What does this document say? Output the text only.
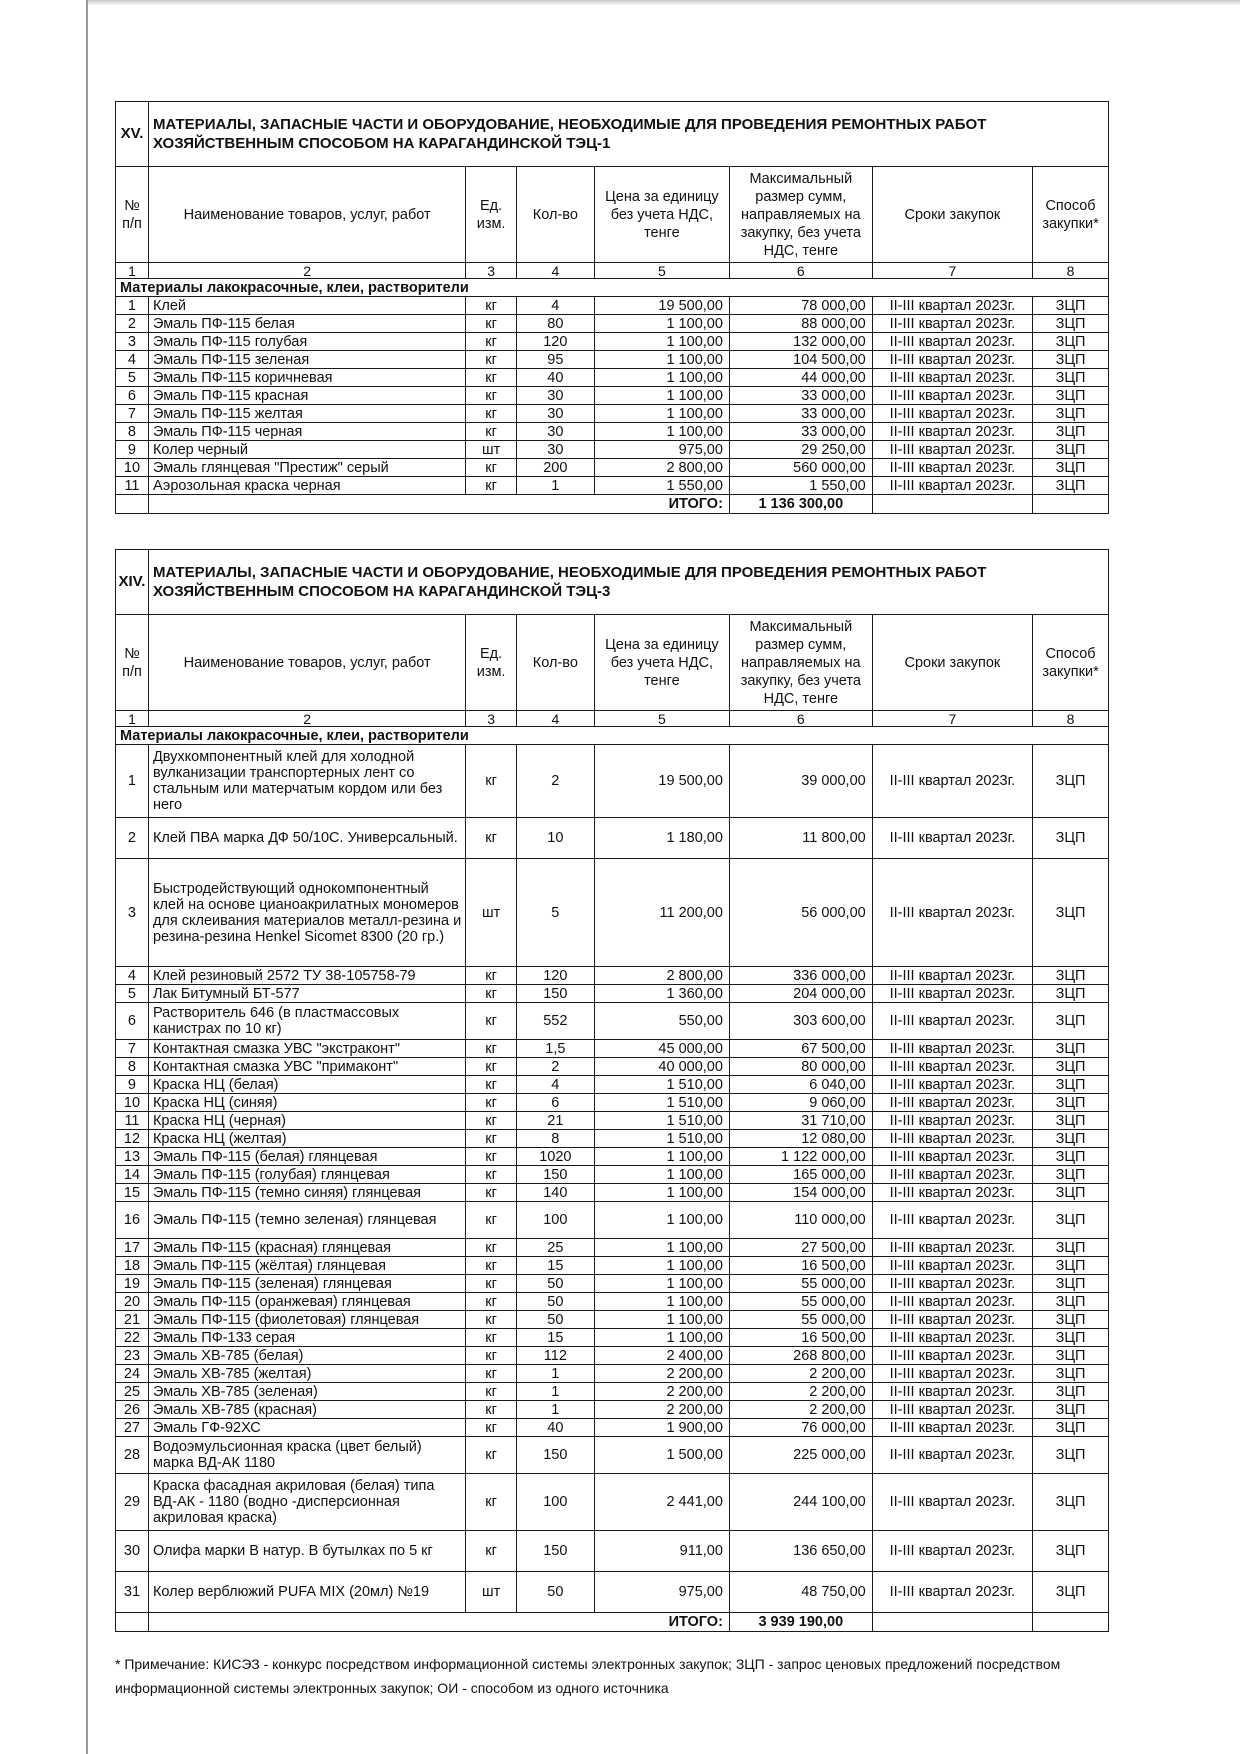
XV.	МАТЕРИАЛЫ, ЗАПАСНЫЕ ЧАСТИ И ОБОРУДОВАНИЕ, НЕОБХОДИМЫЕ ДЛЯ ПРОВЕДЕНИЯ РЕМОНТНЫХ РАБОТ ХОЗЯЙСТВЕННЫМ СПОСОБОМ НА КАРАГАНДИНСКОЙ ТЭЦ-1						
№ п/п	Наименование товаров, услуг, работ	Ед. изм.	Кол-во	Цена за единицу без учета НДС, тенге	Максимальный размер сумм, направляемых на закупку, без учета НДС, тенге	Сроки закупок	Способ закупки*
1	2	3	4	5	6	7	8
Материалы лакокрасочные, клеи, растворители							
1	Клей	кг	4	19 500,00	78 000,00	II-III квартал 2023г.	ЗЦП
2	Эмаль ПФ-115 белая	кг	80	1 100,00	88 000,00	II-III квартал 2023г.	ЗЦП
3	Эмаль ПФ-115 голубая	кг	120	1 100,00	132 000,00	II-III квартал 2023г.	ЗЦП
4	Эмаль ПФ-115 зеленая	кг	95	1 100,00	104 500,00	II-III квартал 2023г.	ЗЦП
5	Эмаль ПФ-115 коричневая	кг	40	1 100,00	44 000,00	II-III квартал 2023г.	ЗЦП
6	Эмаль ПФ-115 красная	кг	30	1 100,00	33 000,00	II-III квартал 2023г.	ЗЦП
7	Эмаль ПФ-115 желтая	кг	30	1 100,00	33 000,00	II-III квартал 2023г.	ЗЦП
8	Эмаль ПФ-115 черная	кг	30	1 100,00	33 000,00	II-III квартал 2023г.	ЗЦП
9	Колер черный	шт	30	975,00	29 250,00	II-III квартал 2023г.	ЗЦП
10	Эмаль глянцевая "Престиж" серый	кг	200	2 800,00	560 000,00	II-III квартал 2023г.	ЗЦП
11	Аэрозольная краска черная	кг	1	1 550,00	1 550,00	II-III квартал 2023г.	ЗЦП
	ИТОГО:				1 136 300,00		
XIV.	МАТЕРИАЛЫ, ЗАПАСНЫЕ ЧАСТИ И ОБОРУДОВАНИЕ, НЕОБХОДИМЫЕ ДЛЯ ПРОВЕДЕНИЯ РЕМОНТНЫХ РАБОТ ХОЗЯЙСТВЕННЫМ СПОСОБОМ НА КАРАГАНДИНСКОЙ ТЭЦ-3						
№ п/п	Наименование товаров, услуг, работ	Ед. изм.	Кол-во	Цена за единицу без учета НДС, тенге	Максимальный размер сумм, направляемых на закупку, без учета НДС, тенге	Сроки закупок	Способ закупки*
1	2	3	4	5	6	7	8
Материалы лакокрасочные, клеи, растворители							
1	Двухкомпонентный клей для холодной вулканизации транспортерных лент со стальным или матерчатым кордом или без него	кг	2	19 500,00	39 000,00	II-III квартал 2023г.	ЗЦП
2	Клей ПВА марка ДФ 50/10С. Универсальный.	кг	10	1 180,00	11 800,00	II-III квартал 2023г.	ЗЦП
3	Быстродействующий однокомпонентный клей на основе цианоакрилатных мономеров для склеивания материалов металл-резина и резина-резина Henkel Sicomet 8300 (20 гр.)	шт	5	11 200,00	56 000,00	II-III квартал 2023г.	ЗЦП
4	Клей резиновый 2572 ТУ 38-105758-79	кг	120	2 800,00	336 000,00	II-III квартал 2023г.	ЗЦП
5	Лак Битумный БТ-577	кг	150	1 360,00	204 000,00	II-III квартал 2023г.	ЗЦП
6	Растворитель 646 (в пластмассовых канистрах по 10 кг)	кг	552	550,00	303 600,00	II-III квартал 2023г.	ЗЦП
7	Контактная смазка УВС "экстраконт"	кг	1,5	45 000,00	67 500,00	II-III квартал 2023г.	ЗЦП
8	Контактная смазка УВС "примаконт"	кг	2	40 000,00	80 000,00	II-III квартал 2023г.	ЗЦП
9	Краска НЦ (белая)	кг	4	1 510,00	6 040,00	II-III квартал 2023г.	ЗЦП
10	Краска НЦ (синяя)	кг	6	1 510,00	9 060,00	II-III квартал 2023г.	ЗЦП
11	Краска НЦ (черная)	кг	21	1 510,00	31 710,00	II-III квартал 2023г.	ЗЦП
12	Краска НЦ (желтая)	кг	8	1 510,00	12 080,00	II-III квартал 2023г.	ЗЦП
13	Эмаль ПФ-115 (белая) глянцевая	кг	1020	1 100,00	1 122 000,00	II-III квартал 2023г.	ЗЦП
14	Эмаль ПФ-115 (голубая) глянцевая	кг	150	1 100,00	165 000,00	II-III квартал 2023г.	ЗЦП
15	Эмаль ПФ-115 (темно синяя) глянцевая	кг	140	1 100,00	154 000,00	II-III квартал 2023г.	ЗЦП
16	Эмаль ПФ-115 (темно зеленая) глянцевая	кг	100	1 100,00	110 000,00	II-III квартал 2023г.	ЗЦП
17	Эмаль ПФ-115 (красная) глянцевая	кг	25	1 100,00	27 500,00	II-III квартал 2023г.	ЗЦП
18	Эмаль ПФ-115 (жёлтая) глянцевая	кг	15	1 100,00	16 500,00	II-III квартал 2023г.	ЗЦП
19	Эмаль ПФ-115 (зеленая) глянцевая	кг	50	1 100,00	55 000,00	II-III квартал 2023г.	ЗЦП
20	Эмаль ПФ-115 (оранжевая) глянцевая	кг	50	1 100,00	55 000,00	II-III квартал 2023г.	ЗЦП
21	Эмаль ПФ-115 (фиолетовая) глянцевая	кг	50	1 100,00	55 000,00	II-III квартал 2023г.	ЗЦП
22	Эмаль ПФ-133 серая	кг	15	1 100,00	16 500,00	II-III квартал 2023г.	ЗЦП
23	Эмаль ХВ-785 (белая)	кг	112	2 400,00	268 800,00	II-III квартал 2023г.	ЗЦП
24	Эмаль ХВ-785 (желтая)	кг	1	2 200,00	2 200,00	II-III квартал 2023г.	ЗЦП
25	Эмаль ХВ-785 (зеленая)	кг	1	2 200,00	2 200,00	II-III квартал 2023г.	ЗЦП
26	Эмаль ХВ-785 (красная)	кг	1	2 200,00	2 200,00	II-III квартал 2023г.	ЗЦП
27	Эмаль ГФ-92ХС	кг	40	1 900,00	76 000,00	II-III квартал 2023г.	ЗЦП
28	Водоэмульсионная краска (цвет белый) марка ВД-АК 1180	кг	150	1 500,00	225 000,00	II-III квартал 2023г.	ЗЦП
29	Краска фасадная акриловая (белая) типа ВД-АК - 1180 (водно -дисперсионная акриловая краска)	кг	100	2 441,00	244 100,00	II-III квартал 2023г.	ЗЦП
30	Олифа марки В натур. В бутылках по 5 кг	кг	150	911,00	136 650,00	II-III квартал 2023г.	ЗЦП
31	Колер верблюжий PUFA MIX (20мл) №19	шт	50	975,00	48 750,00	II-III квартал 2023г.	ЗЦП
	ИТОГО:				3 939 190,00		
* Примечание: КИСЭЗ - конкурс посредством информационной системы электронных закупок; ЗЦП - запрос ценовых предложений посредством информационной системы электронных закупок; ОИ - способом из одного источника
